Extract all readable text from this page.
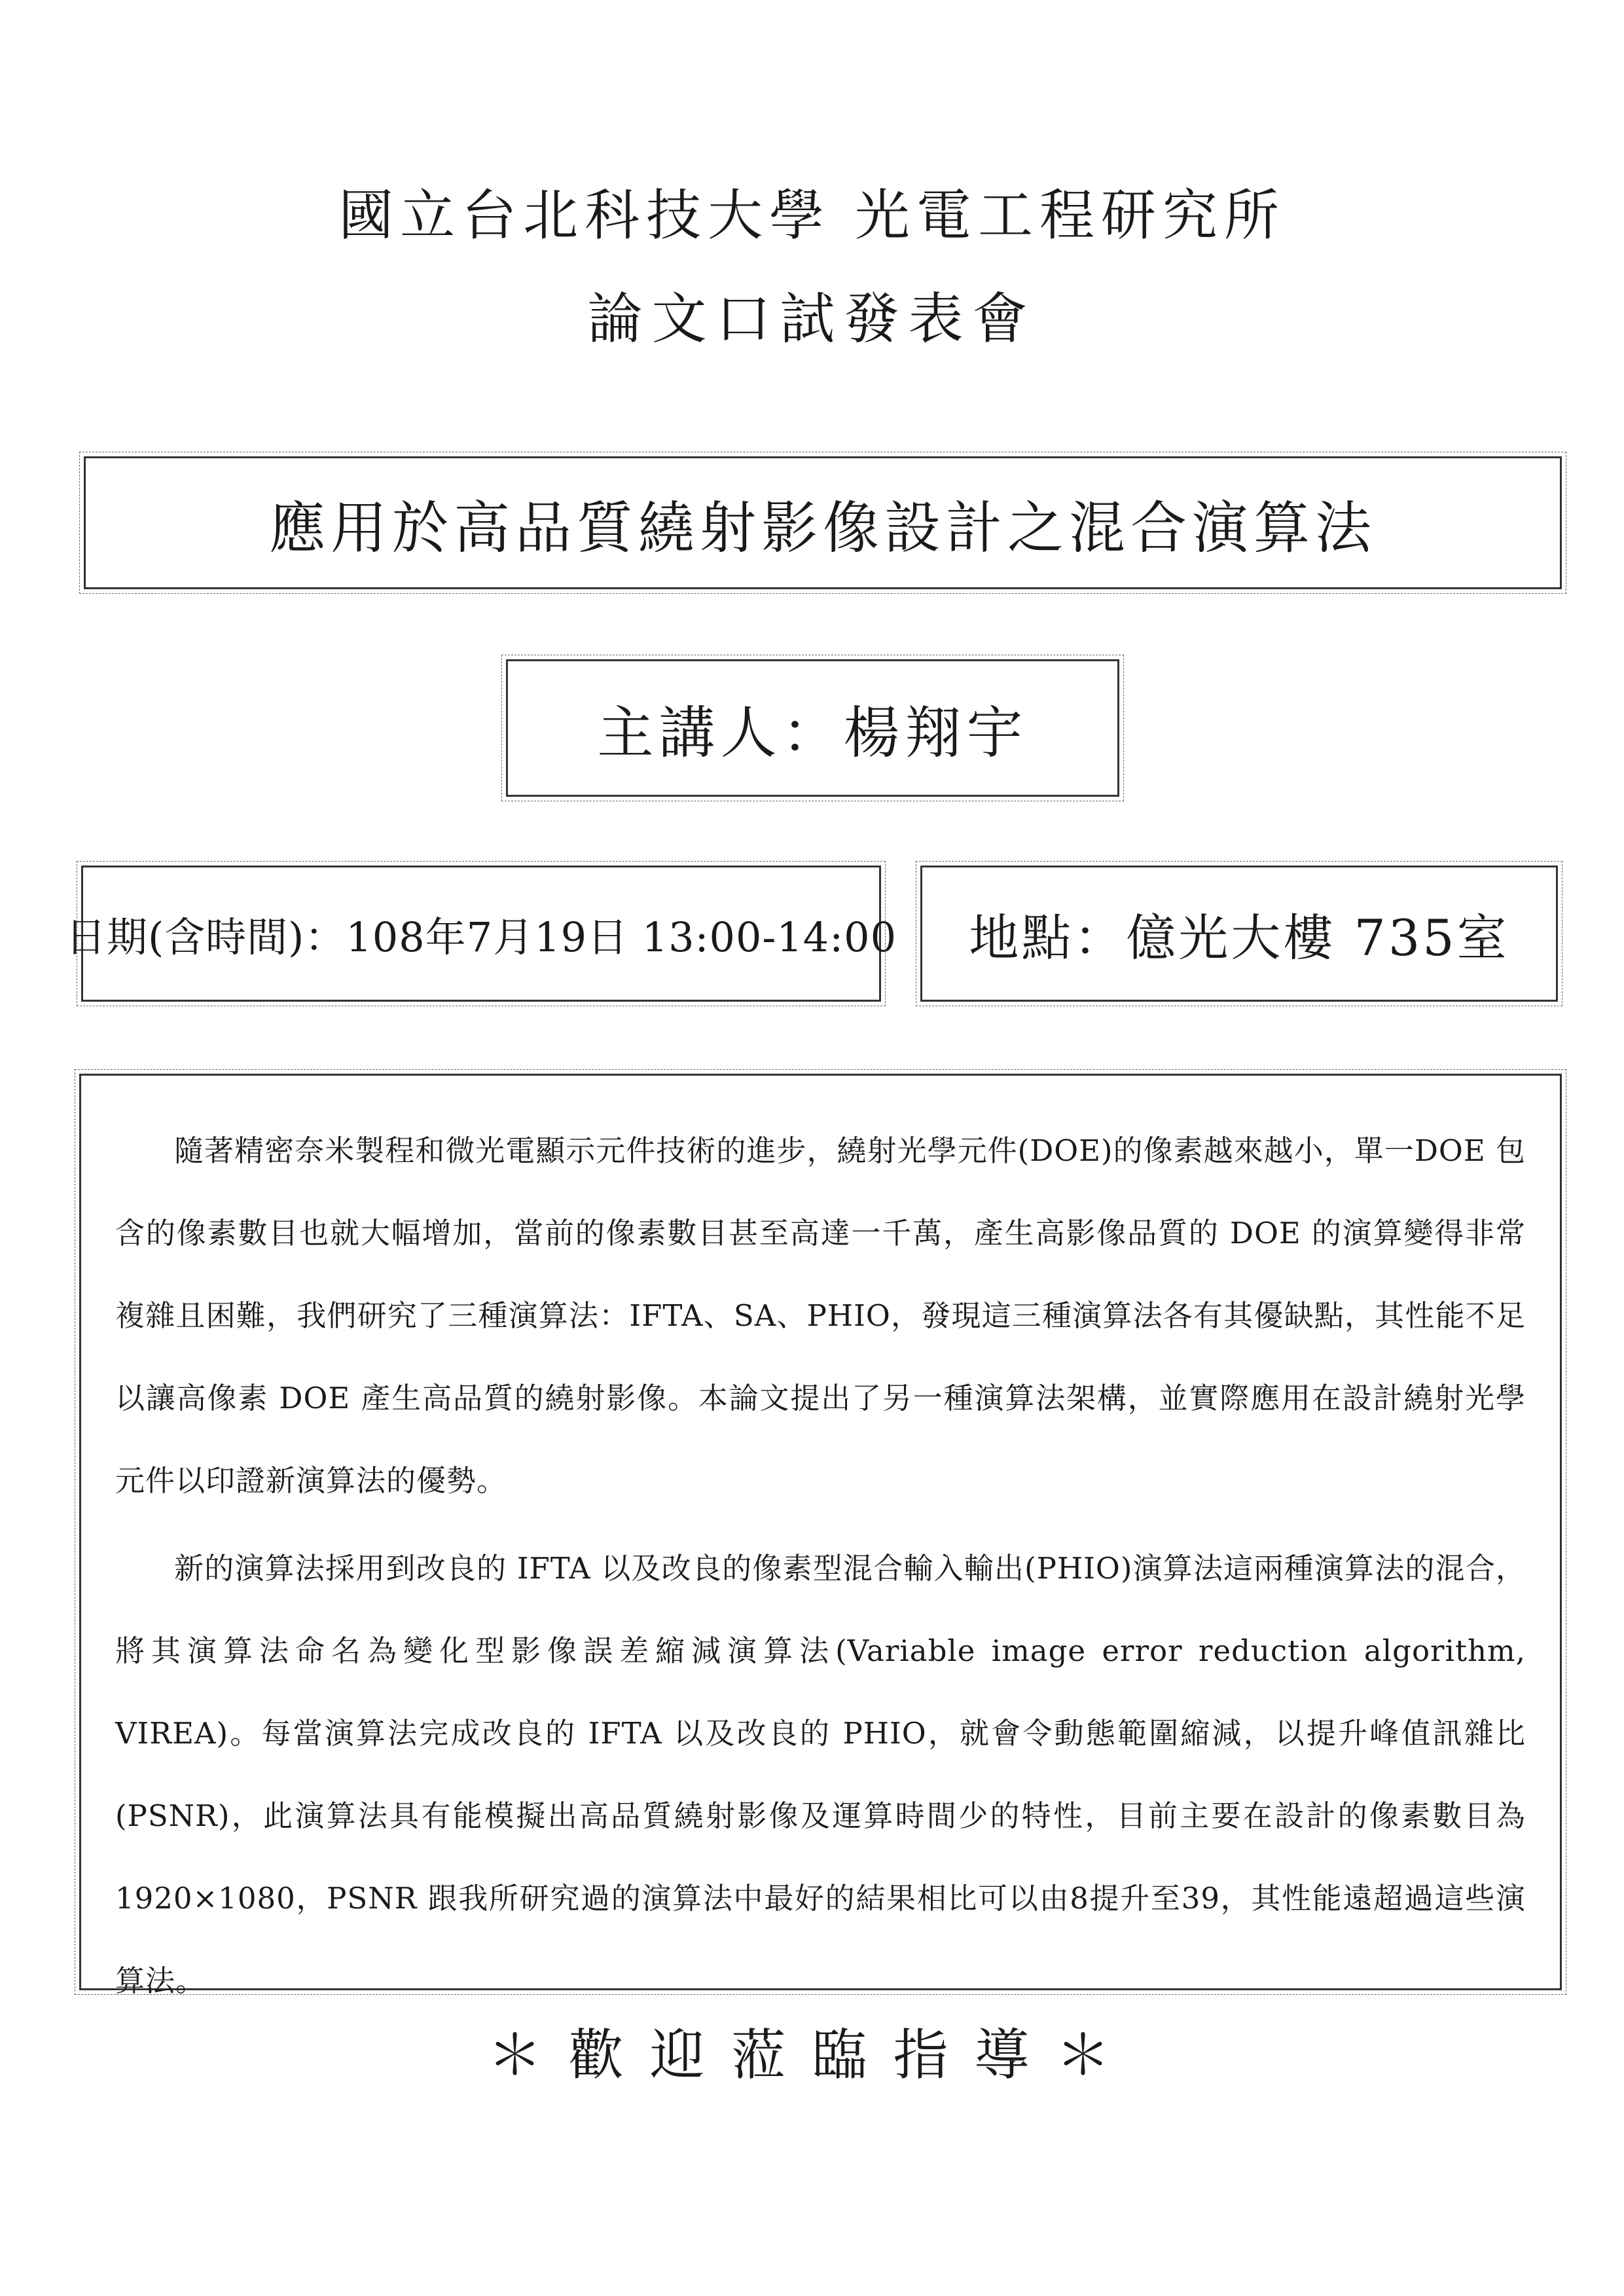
國立台北科技大學 光電工程研究所
論文口試發表會
應用於高品質繞射影像設計之混合演算法
主講人：楊翔宇
日期(含時間)：108年7月19日 13:00-14:00 地點：億光大樓 735室

隨著精密奈米製程和微光電顯示元件技術的進步，繞射光學元件(DOE)的像素越來越小，單一DOE 包含的像素數目也就大幅增加，當前的像素數目甚至高達一千萬，產生高影像品質的 DOE 的演算變得非常複雜且困難，我們研究了三種演算法：IFTA、SA、PHIO，發現這三種演算法各有其優缺點，其性能不足以讓高像素 DOE 產生高品質的繞射影像。本論文提出了另一種演算法架構，並實際應用在設計繞射光學元件以印證新演算法的優勢。

新的演算法採用到改良的 IFTA 以及改良的像素型混合輸入輸出(PHIO)演算法這兩種演算法的混合，將其演算法命名為變化型影像誤差縮減演算法(Variable image error reduction algorithm, VIREA)。每當演算法完成改良的 IFTA 以及改良的 PHIO，就會令動態範圍縮減，以提升峰值訊雜比(PSNR)，此演算法具有能模擬出高品質繞射影像及運算時間少的特性，目前主要在設計的像素數目為1920×1080，PSNR 跟我所研究過的演算法中最好的結果相比可以由8提升至39，其性能遠超過這些演算法。

＊歡迎蒞臨指導＊
